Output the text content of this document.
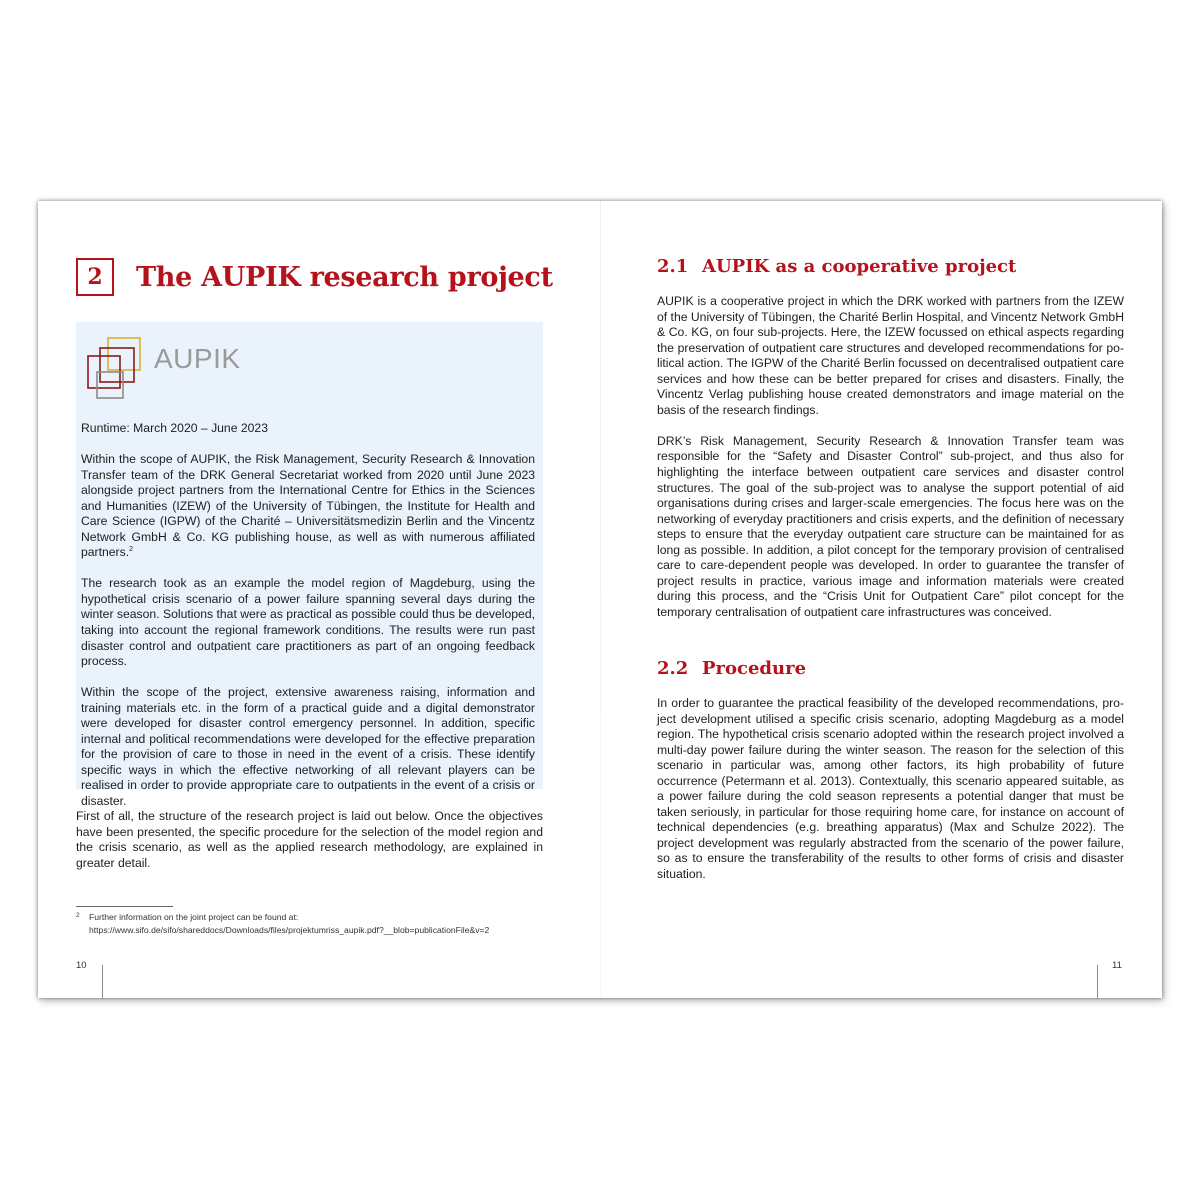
2	The AUPIK research project
AUPIK

Runtime: March 2020 – June 2023

Within the scope of AUPIK, the Risk Management, Security Research & Innovation Transfer team of the DRK General Secretariat worked from 2020 until June 2023 alongside project partners from the International Centre for Ethics in the Sciences and Humanities (IZEW) of the University of Tübingen, the Institute for Health and Care Science (IGPW) of the Charité – Universitätsmedizin Berlin and the Vincentz Network GmbH & Co. KG publishing house, as well as with numerous affiliated partners.$^2$

The research took as an example the model region of Magdeburg, using the hypothetical crisis scenario of a power failure spanning several days during the winter season. Solutions that were as practical as possible could thus be developed, taking into account the regional framework conditions. The results were run past disaster control and outpatient care practitioners as part of an ongoing feedback process.

Within the scope of the project, extensive awareness raising, information and training materials etc. in the form of a practical guide and a digital demonstrator were developed for disaster control emergency personnel. In addition, specific internal and political recommendations were developed for the effective preparation for the provision of care to those in need in the event of a crisis. These identify specific ways in which the effective networking of all relevant players can be realised in order to provide appropriate care to outpatients in the event of a crisis or disaster.

First of all, the structure of the research project is laid out below. Once the objectives have been presented, the specific procedure for the selection of the model region and the crisis scenario, as well as the applied research methodology, are explained in greater detail.

2 Further information on the joint project can be found at:
https://www.sifo.de/sifo/shareddocs/Downloads/files/projektumriss_aupik.pdf?__blob=publicationFile&v=2
10
2.1 AUPIK as a cooperative project

AUPIK is a cooperative project in which the DRK worked with partners from the IZEW of the University of Tübingen, the Charité Berlin Hospital, and Vincentz Network GmbH & Co. KG, on four sub-projects. Here, the IZEW focussed on ethical aspects regarding the preservation of outpatient care structures and developed recommendations for political action. The IGPW of the Charité Berlin focussed on decentralised outpatient care services and how these can be better prepared for crises and disasters. Finally, the Vincentz Verlag publishing house created demonstrators and image material on the basis of the research findings.

DRK’s Risk Management, Security Research & Innovation Transfer team was responsible for the “Safety and Disaster Control” sub-project, and thus also for highlighting the interface between outpatient care services and disaster control structures. The goal of the sub-project was to analyse the support potential of aid organisations during crises and larger-scale emergencies. The focus here was on the networking of everyday practitioners and crisis experts, and the definition of necessary steps to ensure that the everyday outpatient care structure can be maintained for as long as possible. In addition, a pilot concept for the temporary provision of centralised care to care-dependent people was developed. In order to guarantee the transfer of project results in practice, various image and information materials were created during this process, and the “Crisis Unit for Outpatient Care” pilot concept for the temporary centralisation of outpatient care infrastructures was conceived.

2.2 Procedure

In order to guarantee the practical feasibility of the developed recommendations, project development utilised a specific crisis scenario, adopting Magdeburg as a model region. The hypothetical crisis scenario adopted within the research project involved a multi-day power failure during the winter season. The reason for the selection of this scenario in particular was, among other factors, its high probability of future occurrence (Petermann et al. 2013). Contextually, this scenario appeared suitable, as a power failure during the cold season represents a potential danger that must be taken seriously, in particular for those requiring home care, for instance on account of technical dependencies (e.g. breathing apparatus) (Max and Schulze 2022). The project development was regularly abstracted from the scenario of the power failure, so as to ensure the transferability of the results to other forms of crisis and disaster situation.

11
